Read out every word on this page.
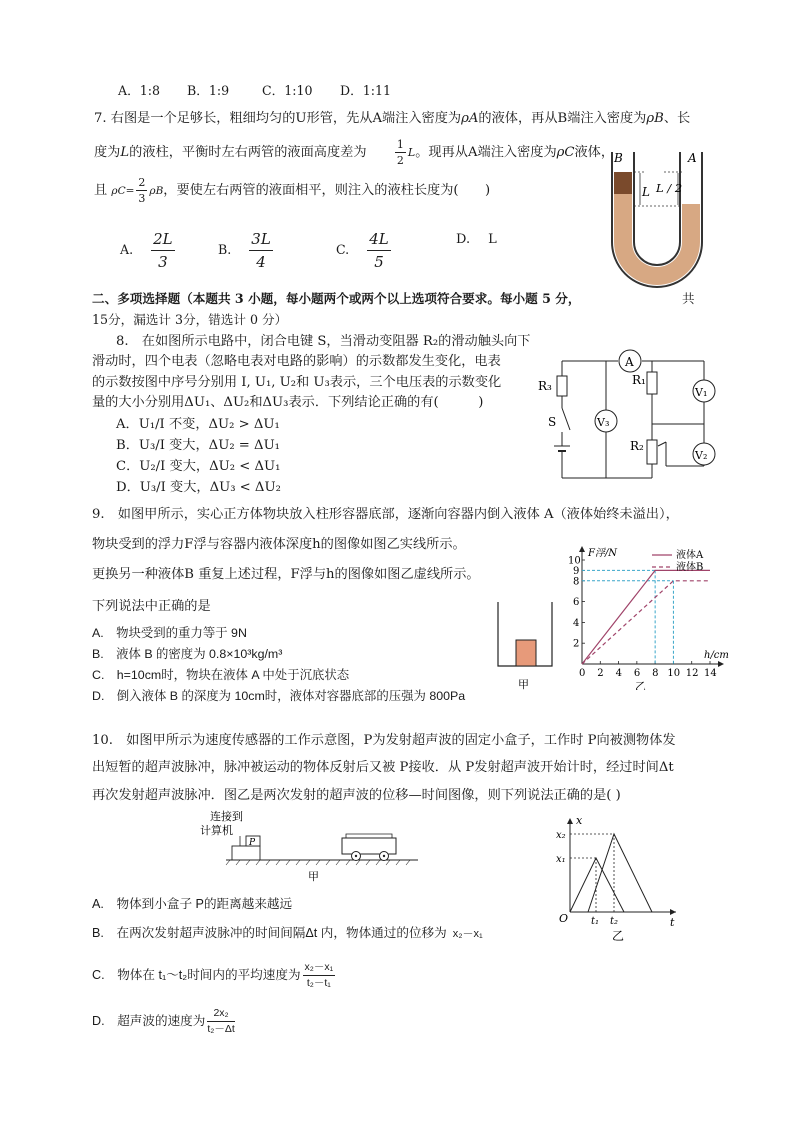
A．1:8 B．1:9	C．1:10 D．1:11
7. 右图是一个足够长，粗细均匀的U形管，先从A端注入密度为ρA的液体，再从B端注入密度为ρB、长
度为L的液柱，平衡时左右两管的液面高度差为	$\frac{1}{2}$ L。现再从A端注入密度为ρC液体，
且 $\rho C= \frac{2}{3}$ ρB，要使左右两管的液面相平，则注入的液柱长度为(　　)
A. $\frac{2L}{3}$	B. $\frac{3L}{4}$	C. $\frac{4L}{5}$	D. L
B	A
L L / 2
二、多项选择题（本题共 3 小题，每小题两个或两个以上选项符合要求。每小题 5 分，	共
15分，漏选计 3分，错选计 0 分）
8.　在如图所示电路中，闭合电键 S，当滑动变阻器 R₂的滑动触头向下
滑动时，四个电表（忽略电表对电路的影响）的示数都发生变化，电表
的示数按图中序号分别用 I, U₁, U₂和 U₃表示，三个电压表的示数变化
量的大小分别用ΔU₁、ΔU₂和ΔU₃表示．下列结论正确的有(　　　)
A．U₁/I 不变，ΔU₂ > ΔU₁
B．U₃/I 变大，ΔU₂ = ΔU₁
C．U₂/I 变大，ΔU₂ < ΔU₁
D．U₃/I 变大，ΔU₃ < ΔU₂
A
V₃
V₁
V₂
R₃	R₁
R₂
S
9.　如图甲所示，实心正方体物块放入柱形容器底部，逐渐向容器内倒入液体 A（液体始终未溢出），
物块受到的浮力F浮与容器内液体深度h的图像如图乙实线所示。
更换另一种液体B 重复上述过程，F浮与h的图像如图乙虚线所示。
下列说法中正确的是
A.　物块受到的重力等于 9N
B.　液体 B 的密度为 0.8×10³kg/m³
C.　h=10cm时，物块在液体 A 中处于沉底状态
D.　倒入液体 B 的深度为 10cm时，液体对容器底部的压强为 800Pa
甲
0 2 4 6 8 10 12 14
2
4
6
8
9
10
F浮/N
h/cm
液体A
液体B
乙
10.　如图甲所示为速度传感器的工作示意图，P为发射超声波的固定小盒子，工作时 P向被测物体发
出短暂的超声波脉冲，脉冲被运动的物体反射后又被 P接收．从 P发射超声波开始计时，经过时间Δt
再次发射超声波脉冲．图乙是两次发射的超声波的位移—时间图像，则下列说法正确的是( )
连接到
计算机
P
甲
x
t
O
x₁
x₂
t₁ t₂
乙
A.　物体到小盒子 P的距离越来越远
B.　在两次发射超声波脉冲的时间间隔Δt 内，物体通过的位移为 x₂－x₁
C.　物体在 t₁～t₂时间内的平均速度为 $\frac{\text{x₂－x₁}}{\text{t₂－t₁}}$
D.　超声波的速度为 $\frac{\text{2x₂}}{\text{t₂－Δt}}$
